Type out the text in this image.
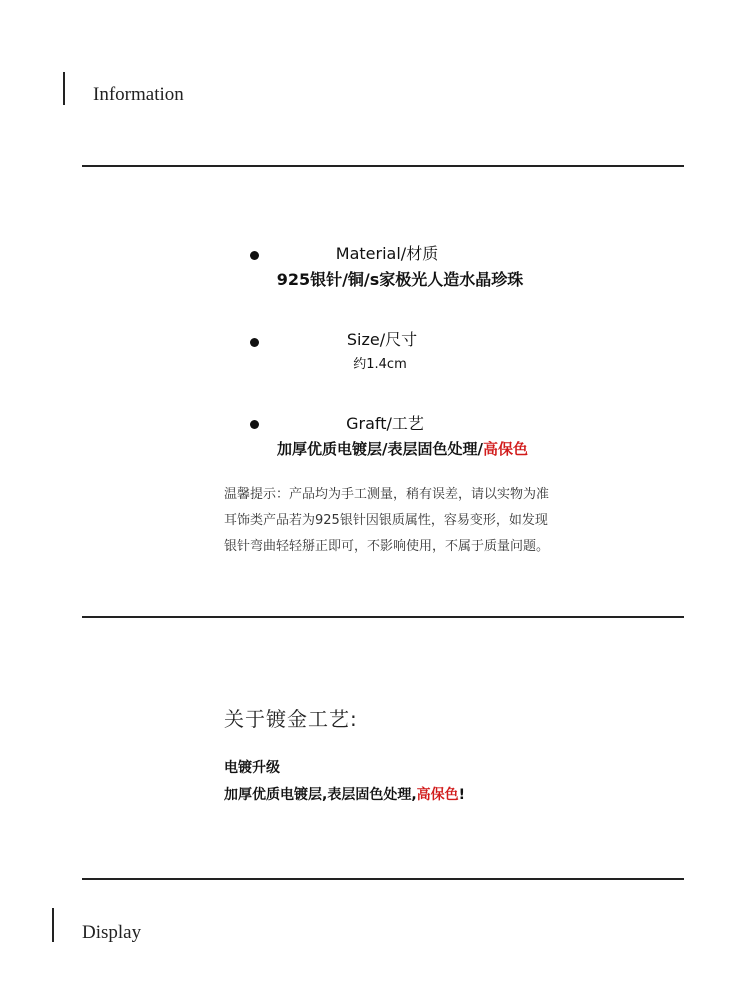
Information
Material/材质
925银针/铜/s家极光人造水晶珍珠
Size/尺寸
约1.4cm
Graft/工艺
加厚优质电镀层/表层固色处理/高保色
温馨提示：产品均为手工测量，稍有误差，请以实物为准
耳饰类产品若为925银针因银质属性，容易变形，如发现
银针弯曲轻轻掰正即可，不影响使用，不属于质量问题。
关于镀金工艺:
电镀升级
加厚优质电镀层,表层固色处理,高保色!
Display
